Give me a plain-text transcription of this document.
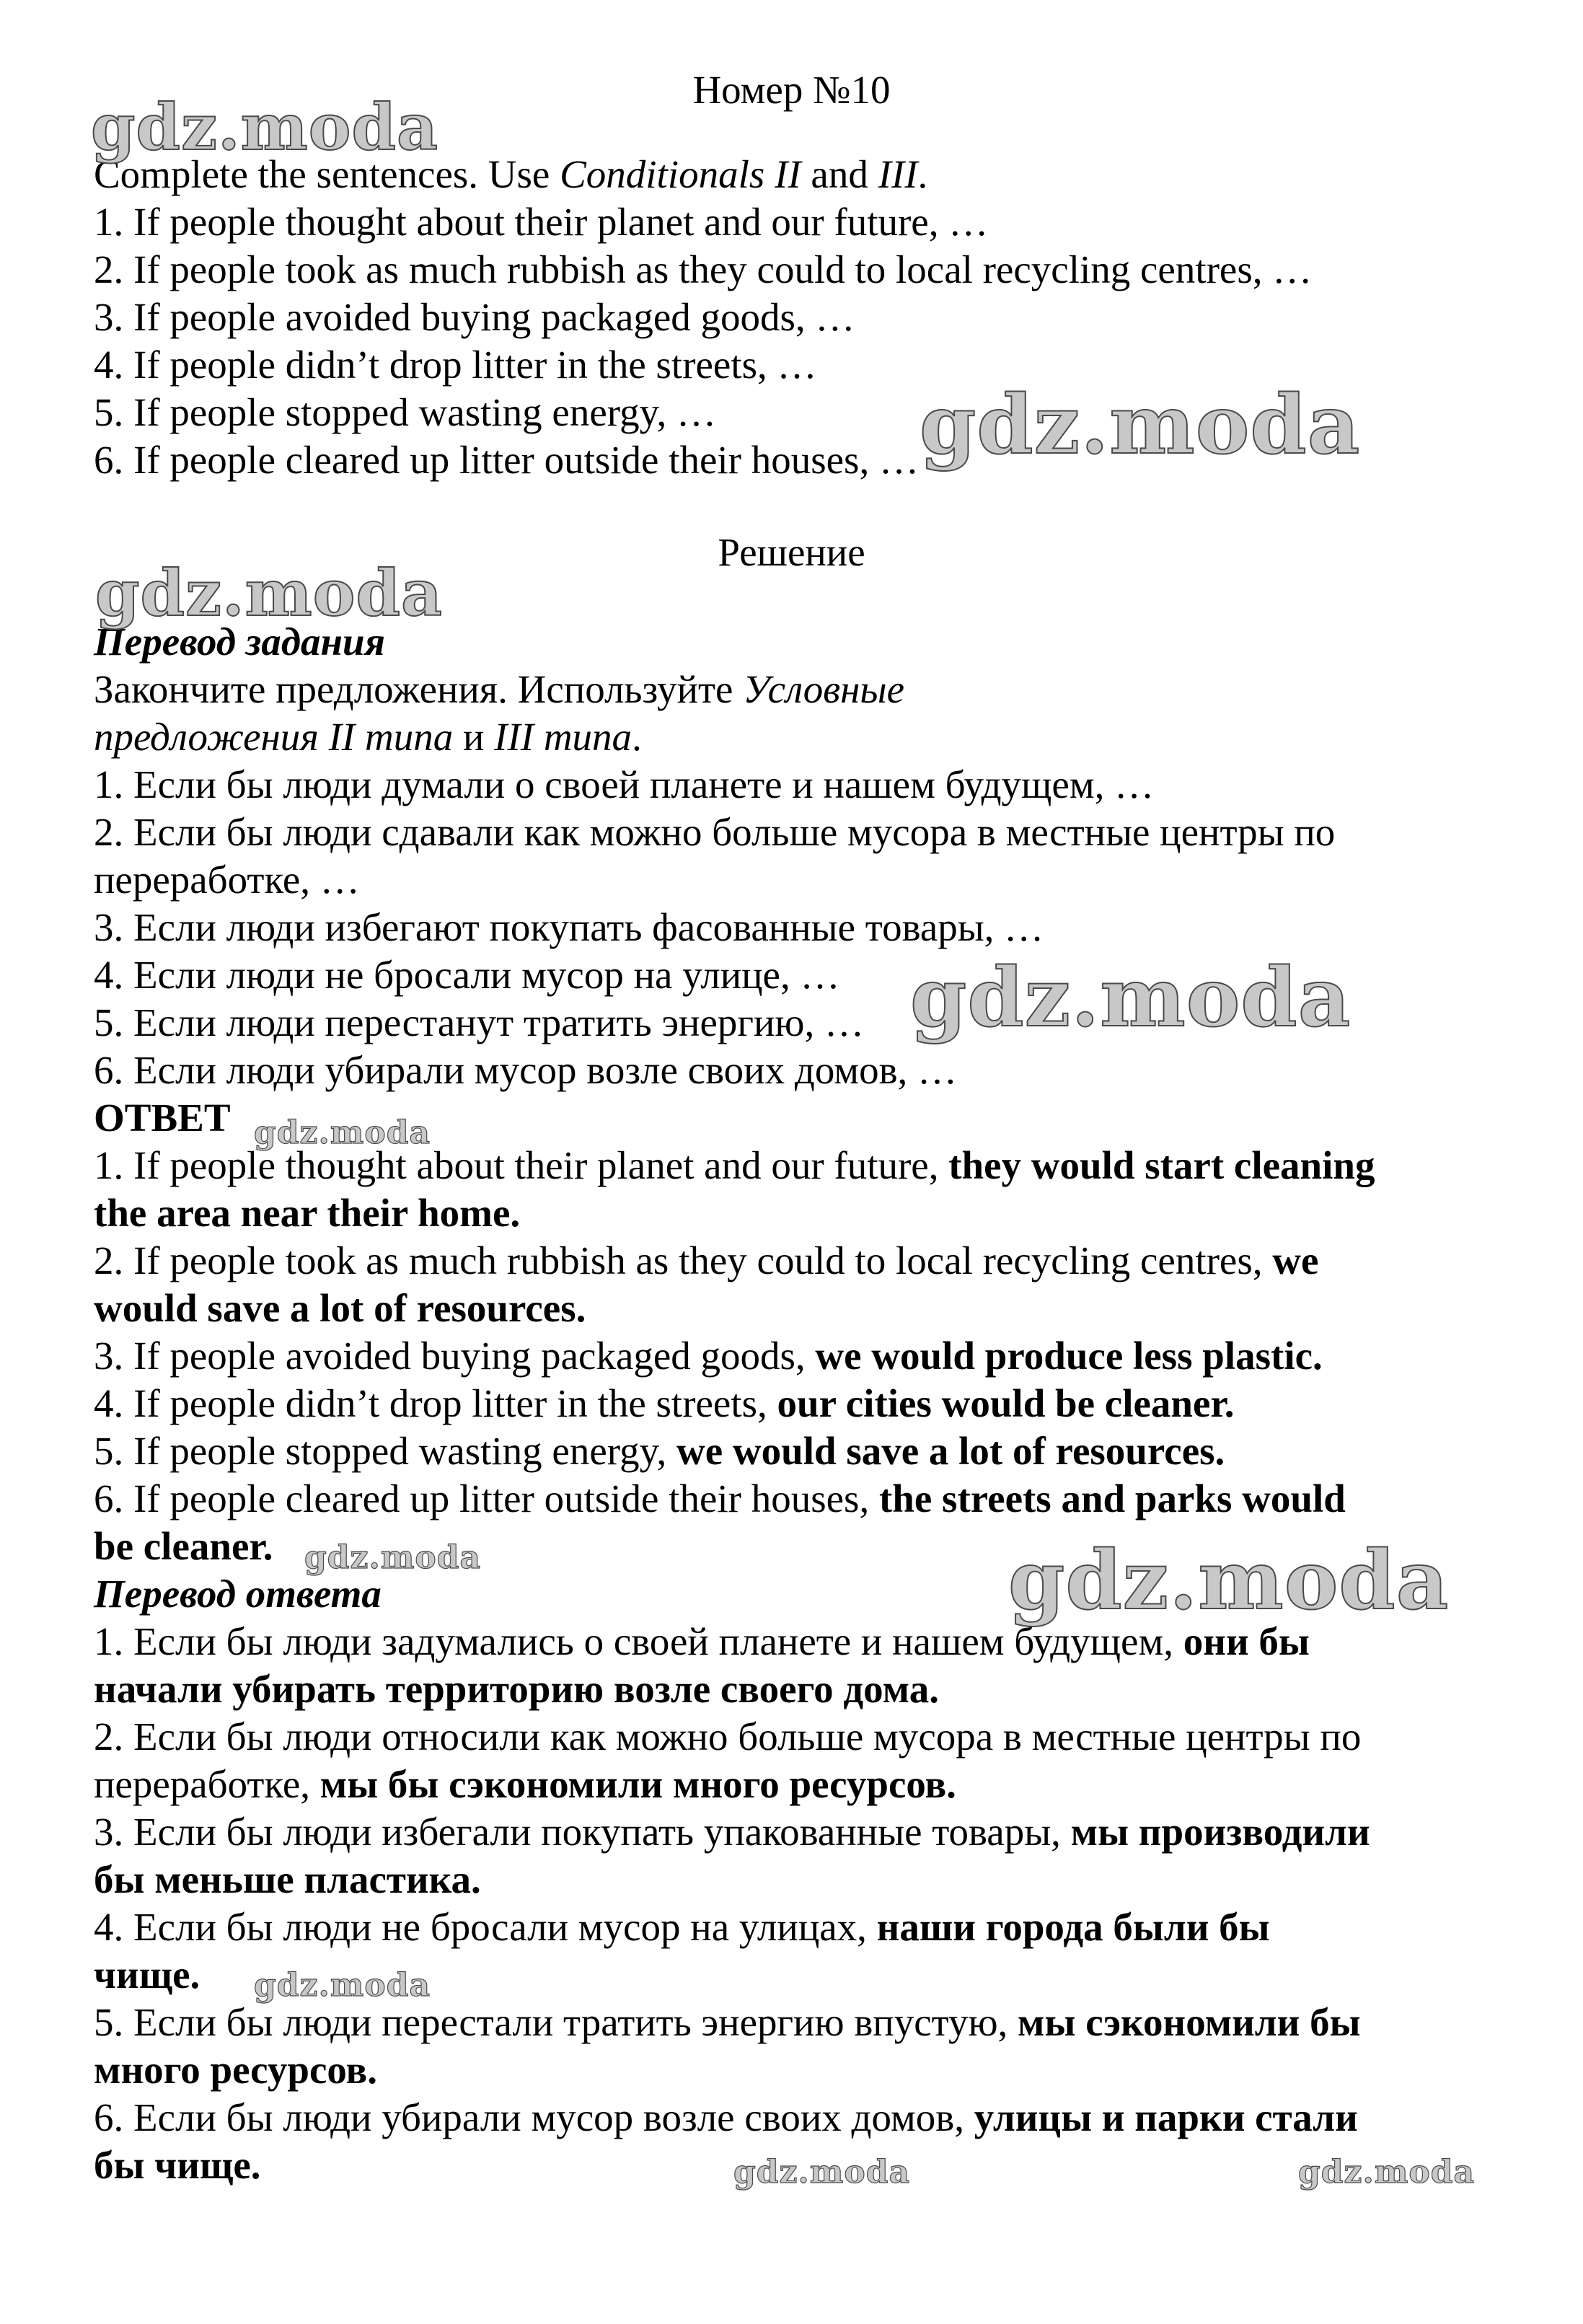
Номер №10
Complete the sentences. Use Conditionals II and III.
1. If people thought about their planet and our future, …
2. If people took as much rubbish as they could to local recycling centres, …
3. If people avoided buying packaged goods, …
4. If people didn’t drop litter in the streets, …
5. If people stopped wasting energy, …
6. If people cleared up litter outside their houses, …
Решение
Перевод задания
Закончите предложения. Используйте Условные
предложения II типа и III типа.
1. Если бы люди думали о своей планете и нашем будущем, …
2. Если бы люди сдавали как можно больше мусора в местные центры по
переработке, …
3. Если люди избегают покупать фасованные товары, …
4. Если люди не бросали мусор на улице, …
5. Если люди перестанут тратить энергию, …
6. Если люди убирали мусор возле своих домов, …
ОТВЕТ
1. If people thought about their planet and our future, they would start cleaning
the area near their home.
2. If people took as much rubbish as they could to local recycling centres, we
would save a lot of resources.
3. If people avoided buying packaged goods, we would produce less plastic.
4. If people didn’t drop litter in the streets, our cities would be cleaner.
5. If people stopped wasting energy, we would save a lot of resources.
6. If people cleared up litter outside their houses, the streets and parks would
be cleaner.
Перевод ответа
1. Если бы люди задумались о своей планете и нашем будущем, они бы
начали убирать территорию возле своего дома.
2. Если бы люди относили как можно больше мусора в местные центры по
переработке, мы бы сэкономили много ресурсов.
3. Если бы люди избегали покупать упакованные товары, мы производили
бы меньше пластика.
4. Если бы люди не бросали мусор на улицах, наши города были бы
чище.
5. Если бы люди перестали тратить энергию впустую, мы сэкономили бы
много ресурсов.
6. Если бы люди убирали мусор возле своих домов, улицы и парки стали
бы чище.
gdz.moda
gdz.moda
gdz.moda
gdz.moda
gdz.moda
gdz.moda	gdz.moda
gdz.moda
gdz.moda	gdz.moda
